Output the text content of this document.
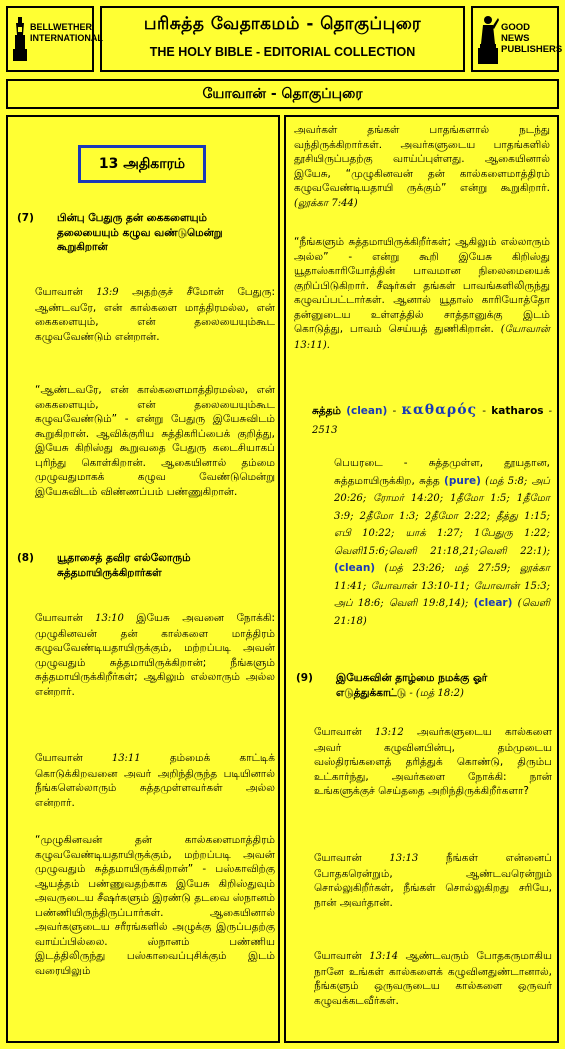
BELLWETHER INTERNATIONAL
பரிசுத்த வேதாகமம் - தொகுப்புரை
THE HOLY BIBLE - EDITORIAL COLLECTION
GOOD NEWS PUBLISHERS
யோவான் - தொகுப்புரை
13 அதிகாரம்
(7) பின்பு பேதுரு தன் கைகளையும் தலையையும் கழுவ வண்டுமென்று கூறுகிறான்
யோவான் 13:9 அதற்குச் சீமோன் பேதுரு: ஆண்டவரே, என் கால்களை மாத்திரமல்ல, என் கைகளையும், என் தலையையும்கூட கழுவவேண்டும் என்றான்.
“ஆண்டவரே, என் கால்களைமாத்திரமல்ல, என் கைகளையும், என் தலையையும்கூட கழுவவேண்டும்” - என்று பேதுரு இயேசுவிடம் கூறுகிறான். ஆவிக்குரிய சுத்திகரிப்பைக் குறித்து, இயேசு கிறிஸ்து கூறுவதை பேதுரு கடைசியாகப் புரிந்து கொள்கிறான். ஆகையினால் தம்மை முழுவதுமாகக் கழுவ வேண்டுமென்று இயேசுவிடம் விண்ணப்பம் பண்ணுகிறான்.
(8) யூதாசைத் தவிர எல்லோரும் சுத்தமாயிருக்கிறார்கள்
யோவான் 13:10 இயேசு அவனை நோக்கி: முழுகினவன் தன் கால்களை மாத்திரம் கழுவவேண்டியதாயிருக்கும், மற்றப்படி அவன் முழுவதும் சுத்தமாயிருக்கிறான்; நீங்களும் சுத்தமாயிருக்கிறீர்கள்; ஆகிலும் எல்லாரும் அல்ல என்றார்.
யோவான் 13:11 தம்மைக் காட்டிக் கொடுக்கிறவனை அவர் அறிந்திருந்த படியினால் நீங்களெல்லாரும் சுத்தமுள்ளவர்கள் அல்ல என்றார்.
“முழுகினவன் தன் கால்களைமாத்திரம் கழுவவேண்டியதாயிருக்கும், மற்றப்படி அவன் முழுவதும் சுத்தமாயிருக்கிறான்” - பஸ்காவிற்கு ஆயத்தம் பண்ணுவதற்காக இயேசு கிறிஸ்துவும் அவருடைய சீஷர்களும் இரண்டு தடவை ஸ்நானம் பண்ணியிருந்திருப்பார்கள். ஆகையினால் அவர்களுடைய சரீரங்களில் அழுக்கு இருப்பதற்கு வாய்ப்பில்லை. ஸ்நானம் பண்ணிய இடத்திலிருந்து பஸ்காவைப்புசிக்கும் இடம் வரையிலும்
அவர்கள் தங்கள் பாதங்களால் நடந்து வந்திருக்கிறார்கள். அவர்களுடைய பாதங்களில் தூசியிருப்பதற்கு வாய்ப்புள்ளது. ஆகையினால் இயேசு, “முழுகினவன் தன் கால்களைமாத்திரம் கழுவவேண்டியதாயி ருக்கும்” என்று கூறுகிறார். (லூக்கா 7:44)
“நீங்களும் சுத்தமாயிருக்கிறீர்கள்; ஆகிலும் எல்லாரும் அல்ல” - என்று கூறி இயேசு கிறிஸ்து யூதாஸ்காரியோத்தின் பாவமான நிலைமையைக் குறிப்பிடுகிறார். சீஷர்கள் தங்கள் பாவங்களிலிருந்து கழுவப்பட்டார்கள். ஆனால் யூதாஸ் காரியோத்தோ தன்னுடைய உள்ளத்தில் சாத்தானுக்கு இடம் கொடுத்து, பாவம் செய்யத் துணிகிறான். (யோவான் 13:11).
சுத்தம் (clean) - καθαρός - katharos - 2513
பெயரடை - சுத்தமுள்ள, தூயதான, சுத்தமாயிருக்கிற, சுத்த (pure) (மத் 5:8; அப் 20:26; ரோமர் 14:20; 1தீமோ 1:5; 1தீமோ 3:9; 2தீமோ 1:3; 2தீமோ 2:22; தீத்து 1:15; எபி 10:22; யாக் 1:27; 1பேதுரு 1:22; வெளி15:6;வெளி 21:18,21;வெளி 22:1); (clean) (மத் 23:26; மத் 27:59; லூக்கா 11:41; யோவான் 13:10-11; யோவான் 15:3; அப் 18:6; வெளி 19:8,14); (clear) (வெளி 21:18)
(9) இயேசுவின் தாழ்மை நமக்கு ஓர் எடுத்துக்காட்டு - (மத் 18:2)
யோவான் 13:12 அவர்களுடைய கால்களை அவர் கழுவினபின்பு, தம்முடைய வஸ்திரங்களைத் தரித்துக் கொண்டு, திரும்ப உட்கார்ந்து, அவர்களை நோக்கி: நான் உங்களுக்குச் செய்ததை அறிந்திருக்கிறீர்களா?
யோவான் 13:13 நீங்கள் என்னைப் போதகரென்றும், ஆண்டவரென்றும் சொல்லுகிறீர்கள், நீங்கள் சொல்லுகிறது சரியே, நான் அவர்தான்.
யோவான் 13:14 ஆண்டவரும் போதகருமாகிய நானே உங்கள் கால்களைக் கழுவினதுண்டானால், நீங்களும் ஒருவருடைய கால்களை ஒருவர் கழுவக்கடவீர்கள்.
